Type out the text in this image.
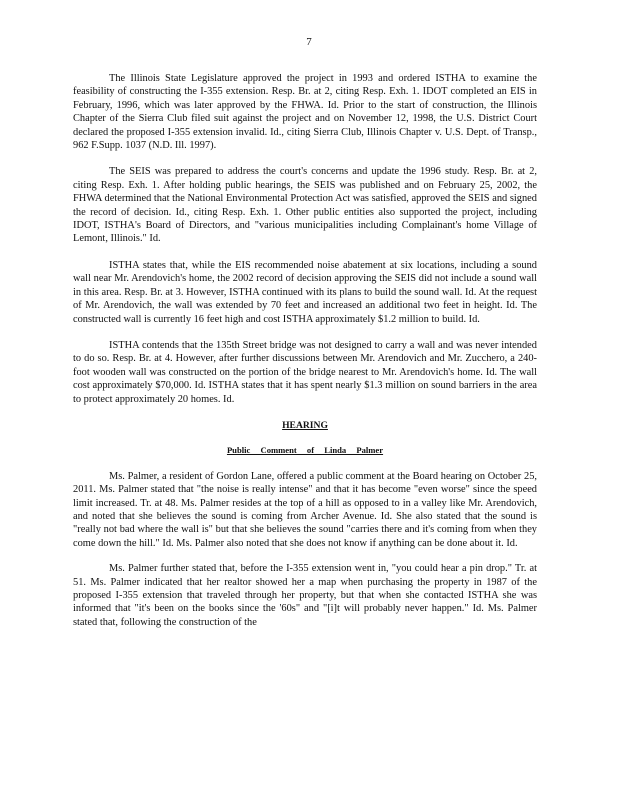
7

The Illinois State Legislature approved the project in 1993 and ordered ISTHA to examine the feasibility of constructing the I-355 extension. Resp. Br. at 2, citing Resp. Exh. 1. IDOT completed an EIS in February, 1996, which was later approved by the FHWA. Id. Prior to the start of construction, the Illinois Chapter of the Sierra Club filed suit against the project and on November 12, 1998, the U.S. District Court declared the proposed I-355 extension invalid. Id., citing Sierra Club, Illinois Chapter v. U.S. Dept. of Transp., 962 F.Supp. 1037 (N.D. Ill. 1997).

The SEIS was prepared to address the court's concerns and update the 1996 study. Resp. Br. at 2, citing Resp. Exh. 1. After holding public hearings, the SEIS was published and on February 25, 2002, the FHWA determined that the National Environmental Protection Act was satisfied, approved the SEIS and signed the record of decision. Id., citing Resp. Exh. 1. Other public entities also supported the project, including IDOT, ISTHA's Board of Directors, and "various municipalities including Complainant's home Village of Lemont, Illinois." Id.

ISTHA states that, while the EIS recommended noise abatement at six locations, including a sound wall near Mr. Arendovich's home, the 2002 record of decision approving the SEIS did not include a sound wall in this area. Resp. Br. at 3. However, ISTHA continued with its plans to build the sound wall. Id. At the request of Mr. Arendovich, the wall was extended by 70 feet and increased an additional two feet in height. Id. The constructed wall is currently 16 feet high and cost ISTHA approximately $1.2 million to build. Id.

ISTHA contends that the 135th Street bridge was not designed to carry a wall and was never intended to do so. Resp. Br. at 4. However, after further discussions between Mr. Arendovich and Mr. Zucchero, a 240-foot wooden wall was constructed on the portion of the bridge nearest to Mr. Arendovich's home. Id. The wall cost approximately $70,000. Id. ISTHA states that it has spent nearly $1.3 million on sound barriers in the area to protect approximately 20 homes. Id.

HEARING
Public Comment of Linda Palmer

Ms. Palmer, a resident of Gordon Lane, offered a public comment at the Board hearing on October 25, 2011. Ms. Palmer stated that "the noise is really intense" and that it has become "even worse" since the speed limit increased. Tr. at 48. Ms. Palmer resides at the top of a hill as opposed to in a valley like Mr. Arendovich, and noted that she believes the sound is coming from Archer Avenue. Id. She also stated that the sound is "really not bad where the wall is" but that she believes the sound "carries there and it's coming from when they come down the hill." Id. Ms. Palmer also noted that she does not know if anything can be done about it. Id.

Ms. Palmer further stated that, before the I-355 extension went in, "you could hear a pin drop." Tr. at 51. Ms. Palmer indicated that her realtor showed her a map when purchasing the property in 1987 of the proposed I-355 extension that traveled through her property, but that when she contacted ISTHA she was informed that "it's been on the books since the '60s" and "[i]t will probably never happen." Id. Ms. Palmer stated that, following the construction of the
